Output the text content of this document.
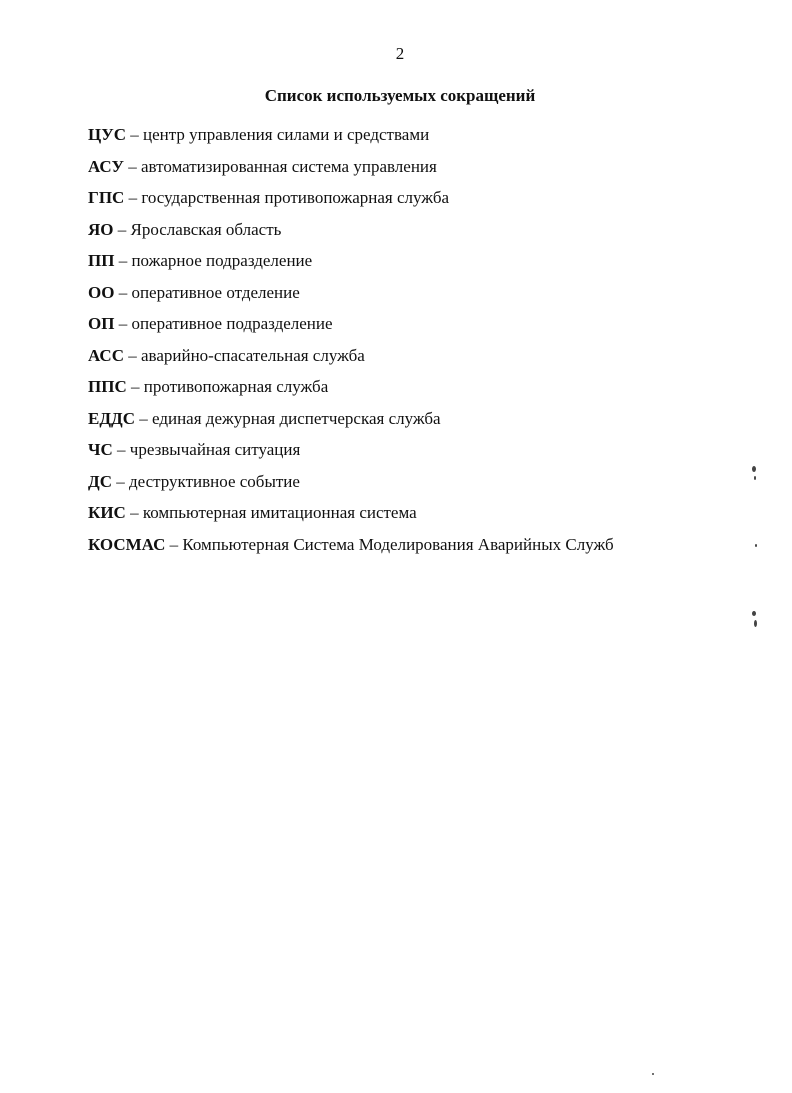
2
Список используемых сокращений
ЦУС – центр управления силами и средствами
АСУ – автоматизированная система управления
ГПС – государственная противопожарная служба
ЯО – Ярославская область
ПП – пожарное подразделение
ОО – оперативное отделение
ОП – оперативное подразделение
АСС – аварийно-спасательная служба
ППС – противопожарная служба
ЕДДС – единая дежурная диспетчерская служба
ЧС – чрезвычайная ситуация
ДС – деструктивное событие
КИС – компьютерная имитационная система
КОСМАС – Компьютерная Система Моделирования Аварийных Служб
